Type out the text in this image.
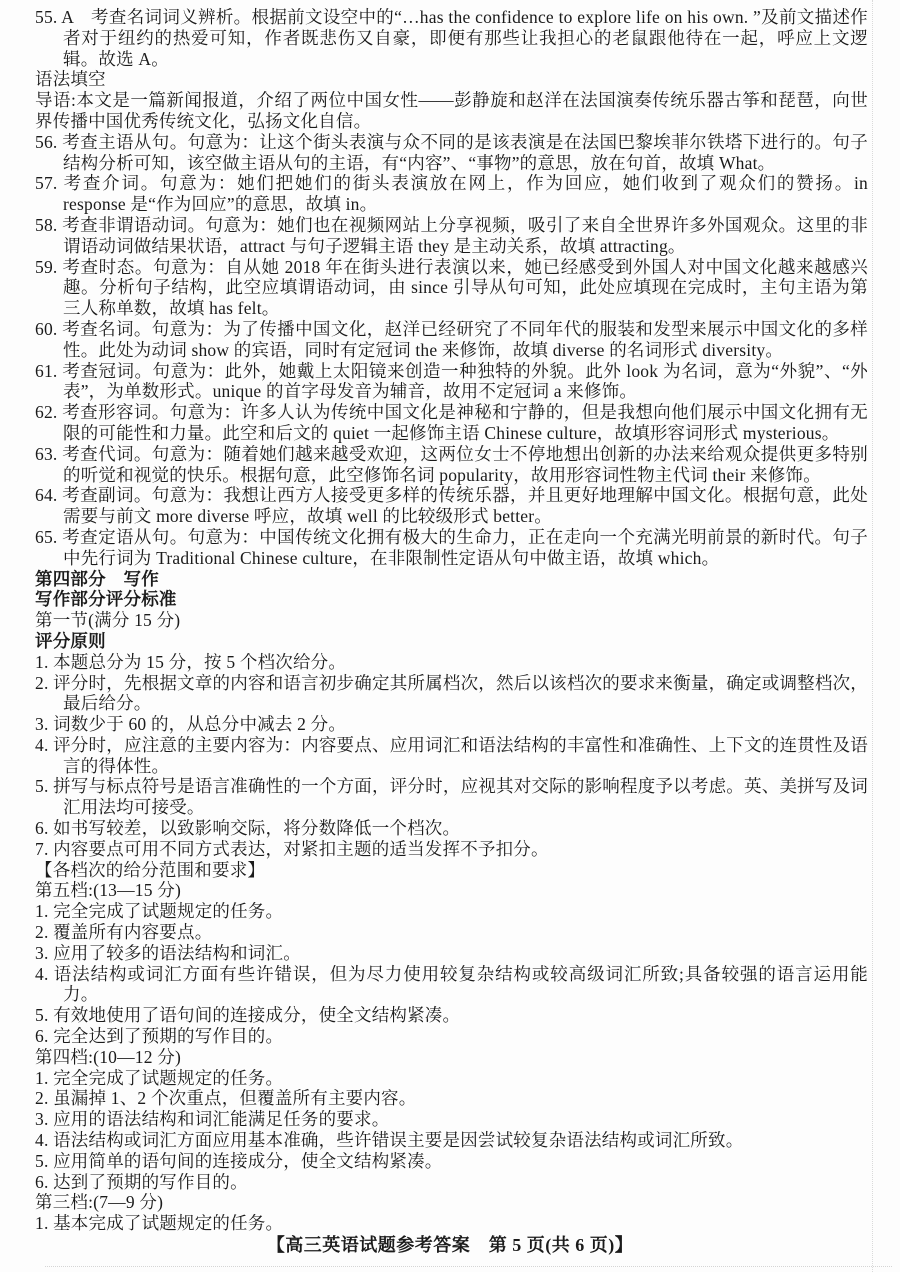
55. A　考查名词词义辨析。根据前文设空中的“…has the confidence to explore life on his own. ”及前文描述作者对于纽约的热爱可知，作者既悲伤又自豪，即便有那些让我担心的老鼠跟他待在一起，呼应上文逻辑。故选 A。

语法填空

导语:本文是一篇新闻报道，介绍了两位中国女性——彭静旋和赵洋在法国演奏传统乐器古筝和琵琶，向世界传播中国优秀传统文化，弘扬文化自信。

56. 考查主语从句。句意为：让这个街头表演与众不同的是该表演是在法国巴黎埃菲尔铁塔下进行的。句子结构分析可知，该空做主语从句的主语，有“内容”、“事物”的意思，放在句首，故填 What。

57. 考查介词。句意为：她们把她们的街头表演放在网上，作为回应，她们收到了观众们的赞扬。in response 是“作为回应”的意思，故填 in。

58. 考查非谓语动词。句意为：她们也在视频网站上分享视频，吸引了来自全世界许多外国观众。这里的非谓语动词做结果状语，attract 与句子逻辑主语 they 是主动关系，故填 attracting。

59. 考查时态。句意为：自从她 2018 年在街头进行表演以来，她已经感受到外国人对中国文化越来越感兴趣。分析句子结构，此空应填谓语动词，由 since 引导从句可知，此处应填现在完成时，主句主语为第三人称单数，故填 has felt。

60. 考查名词。句意为：为了传播中国文化，赵洋已经研究了不同年代的服装和发型来展示中国文化的多样性。此处为动词 show 的宾语，同时有定冠词 the 来修饰，故填 diverse 的名词形式 diversity。

61. 考查冠词。句意为：此外，她戴上太阳镜来创造一种独特的外貌。此外 look 为名词，意为“外貌”、“外表”，为单数形式。unique 的首字母发音为辅音，故用不定冠词 a 来修饰。

62. 考查形容词。句意为：许多人认为传统中国文化是神秘和宁静的，但是我想向他们展示中国文化拥有无限的可能性和力量。此空和后文的 quiet 一起修饰主语 Chinese culture，故填形容词形式 mysterious。

63. 考查代词。句意为：随着她们越来越受欢迎，这两位女士不停地想出创新的办法来给观众提供更多特别的听觉和视觉的快乐。根据句意，此空修饰名词 popularity，故用形容词性物主代词 their 来修饰。

64. 考查副词。句意为：我想让西方人接受更多样的传统乐器，并且更好地理解中国文化。根据句意，此处需要与前文 more diverse 呼应，故填 well 的比较级形式 better。

65. 考查定语从句。句意为：中国传统文化拥有极大的生命力，正在走向一个充满光明前景的新时代。句子中先行词为 Traditional Chinese culture，在非限制性定语从句中做主语，故填 which。

第四部分　写作

写作部分评分标准

第一节(满分 15 分)

评分原则

1. 本题总分为 15 分，按 5 个档次给分。

2. 评分时，先根据文章的内容和语言初步确定其所属档次，然后以该档次的要求来衡量，确定或调整档次，最后给分。

3. 词数少于 60 的，从总分中减去 2 分。

4. 评分时，应注意的主要内容为：内容要点、应用词汇和语法结构的丰富性和准确性、上下文的连贯性及语言的得体性。

5. 拼写与标点符号是语言准确性的一个方面，评分时，应视其对交际的影响程度予以考虑。英、美拼写及词汇用法均可接受。

6. 如书写较差，以致影响交际，将分数降低一个档次。

7. 内容要点可用不同方式表达，对紧扣主题的适当发挥不予扣分。

【各档次的给分范围和要求】

第五档:(13—15 分)

1. 完全完成了试题规定的任务。

2. 覆盖所有内容要点。

3. 应用了较多的语法结构和词汇。

4. 语法结构或词汇方面有些许错误，但为尽力使用较复杂结构或较高级词汇所致;具备较强的语言运用能力。

5. 有效地使用了语句间的连接成分，使全文结构紧凑。

6. 完全达到了预期的写作目的。

第四档:(10—12 分)

1. 完全完成了试题规定的任务。

2. 虽漏掉 1、2 个次重点，但覆盖所有主要内容。

3. 应用的语法结构和词汇能满足任务的要求。

4. 语法结构或词汇方面应用基本准确，些许错误主要是因尝试较复杂语法结构或词汇所致。

5. 应用简单的语句间的连接成分，使全文结构紧凑。

6. 达到了预期的写作目的。

第三档:(7—9 分)

1. 基本完成了试题规定的任务。

【高三英语试题参考答案　第 5 页(共 6 页)】
